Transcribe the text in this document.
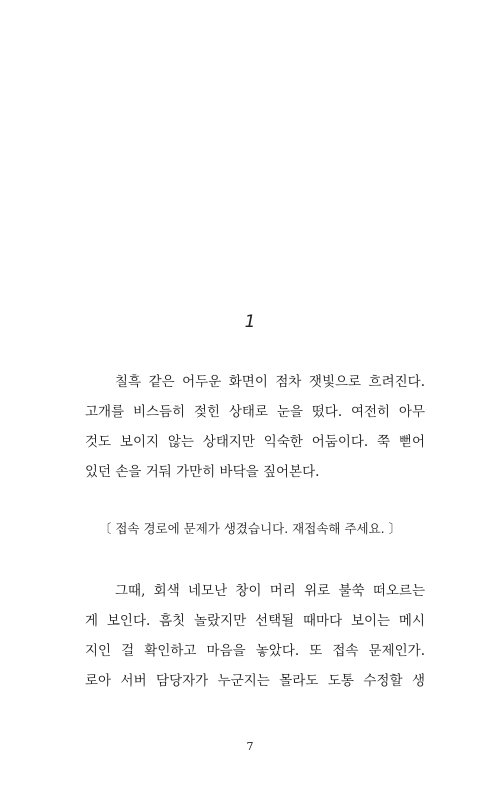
1
칠흑 같은 어두운 화면이 점차 잿빛으로 흐려진다.
고개를 비스듬히 젖힌 상태로 눈을 떴다. 여전히 아무
것도 보이지 않는 상태지만 익숙한 어둠이다. 쭉 뻗어
있던 손을 거둬 가만히 바닥을 짚어본다.
〔 접속 경로에 문제가 생겼습니다. 재접속해 주세요. 〕
그때, 회색 네모난 창이 머리 위로 불쑥 떠오르는
게 보인다. 흠칫 놀랐지만 선택될 때마다 보이는 메시
지인 걸 확인하고 마음을 놓았다. 또 접속 문제인가.
로아 서버 담당자가 누군지는 몰라도 도통 수정할 생
7
